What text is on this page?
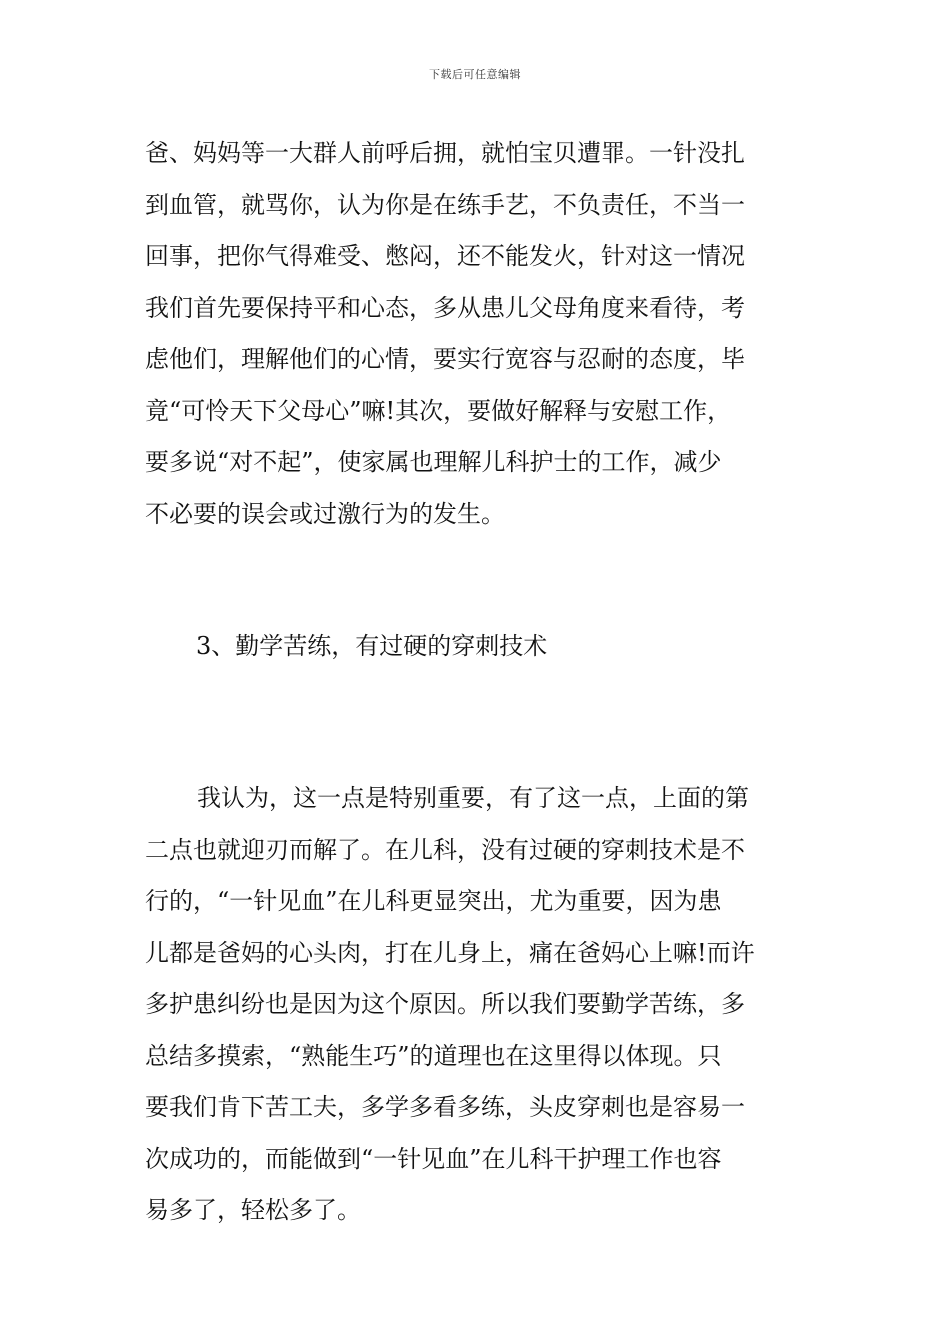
下载后可任意编辑
爸、妈妈等一大群人前呼后拥，就怕宝贝遭罪。一针没扎
到血管，就骂你，认为你是在练手艺，不负责任，不当一
回事，把你气得难受、憋闷，还不能发火，针对这一情况
我们首先要保持平和心态，多从患儿父母角度来看待，考
虑他们，理解他们的心情，要实行宽容与忍耐的态度，毕
竟“可怜天下父母心”嘛!其次，要做好解释与安慰工作，
要多说“对不起”，使家属也理解儿科护士的工作，减少
不必要的误会或过激行为的发生。
3、勤学苦练，有过硬的穿刺技术
我认为，这一点是特别重要，有了这一点，上面的第
二点也就迎刃而解了。在儿科，没有过硬的穿刺技术是不
行的，“一针见血”在儿科更显突出，尤为重要，因为患
儿都是爸妈的心头肉，打在儿身上，痛在爸妈心上嘛!而许
多护患纠纷也是因为这个原因。所以我们要勤学苦练，多
总结多摸索，“熟能生巧”的道理也在这里得以体现。只
要我们肯下苦工夫，多学多看多练，头皮穿刺也是容易一
次成功的，而能做到“一针见血”在儿科干护理工作也容
易多了，轻松多了。
